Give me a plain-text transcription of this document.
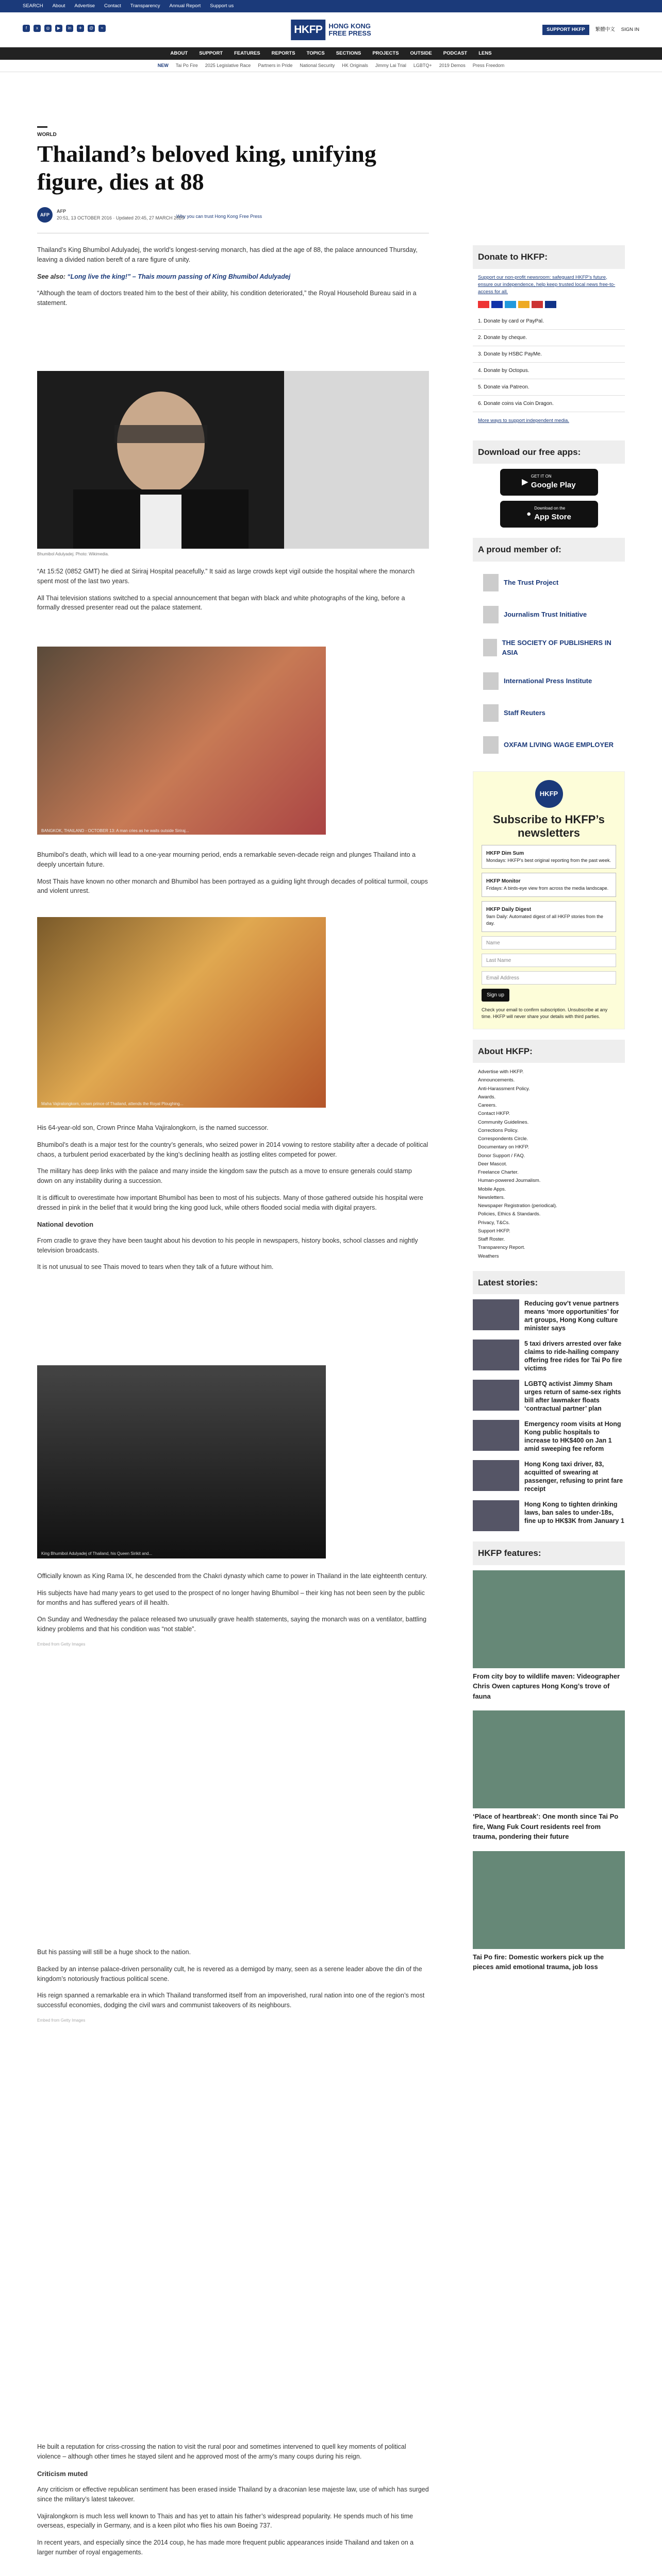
SEARCH About Advertise Contact Transparency Annual Report Support us
f	x	◎	▶	in	✈	@	≈	HKFP HONG KONG
FREE PRESS	SUPPORT HKFP	繁體中文 SIGN IN
ABOUT SUPPORT FEATURES REPORTS TOPICS SECTIONS PROJECTS OUTSIDE PODCAST LENS
NEW Tai Po Fire 2025 Legislative Race Partners in Pride National Security HK Originals Jimmy Lai Trial LGBTQ+ 2019 Demos Press Freedom
WORLD
Thailand’s beloved king, unifying figure, dies at 88
AFP
AFP
20:51, 13 OCTOBER 2016 · Updated 20:45, 27 MARCH 2020
Why you can trust Hong Kong Free Press

Thailand’s King Bhumibol Adulyadej, the world’s longest-serving monarch, has died at the age of 88, the palace announced Thursday, leaving a divided nation bereft of a rare figure of unity.

See also: “Long live the king!” – Thais mourn passing of King Bhumibol Adulyadej

“Although the team of doctors treated him to the best of their ability, his condition deteriorated,” the Royal Household Bureau said in a statement.

Bhumibol Adulyadej. Photo: Wikimedia.

“At 15:52 (0852 GMT) he died at Siriraj Hospital peacefully.” It said as large crowds kept vigil outside the hospital where the monarch spent most of the last two years.

All Thai television stations switched to a special announcement that began with black and white photographs of the king, before a formally dressed presenter read out the palace statement.

BANGKOK, THAILAND - OCTOBER 13: A man cries as he waits outside Siriraj...

Bhumibol’s death, which will lead to a one-year mourning period, ends a remarkable seven-decade reign and plunges Thailand into a deeply uncertain future.

Most Thais have known no other monarch and Bhumibol has been portrayed as a guiding light through decades of political turmoil, coups and violent unrest.

Maha Vajiralongkorn, crown prince of Thailand, attends the Royal Ploughing...

His 64-year-old son, Crown Prince Maha Vajiralongkorn, is the named successor.

Bhumibol’s death is a major test for the country’s generals, who seized power in 2014 vowing to restore stability after a decade of political chaos, a turbulent period exacerbated by the king’s declining health as jostling elites competed for power.

The military has deep links with the palace and many inside the kingdom saw the putsch as a move to ensure generals could stamp down on any instability during a succession.

It is difficult to overestimate how important Bhumibol has been to most of his subjects. Many of those gathered outside his hospital were dressed in pink in the belief that it would bring the king good luck, while others flooded social media with digital prayers.

National devotion

From cradle to grave they have been taught about his devotion to his people in newspapers, history books, school classes and nightly television broadcasts.

It is not unusual to see Thais moved to tears when they talk of a future without him.

King Bhumibol Adulyadej of Thailand, his Queen Sirikit and...

Officially known as King Rama IX, he descended from the Chakri dynasty which came to power in Thailand in the late eighteenth century.

His subjects have had many years to get used to the prospect of no longer having Bhumibol – their king has not been seen by the public for months and has suffered years of ill health.

On Sunday and Wednesday the palace released two unusually grave health statements, saying the monarch was on a ventilator, battling kidney problems and that his condition was “not stable”.

Embed from Getty Images

But his passing will still be a huge shock to the nation.

Backed by an intense palace-driven personality cult, he is revered as a demigod by many, seen as a serene leader above the din of the kingdom’s notoriously fractious political scene.

His reign spanned a remarkable era in which Thailand transformed itself from an impoverished, rural nation into one of the region’s most successful economies, dodging the civil wars and communist takeovers of its neighbours.

Embed from Getty Images

He built a reputation for criss-crossing the nation to visit the rural poor and sometimes intervened to quell key moments of political violence – although other times he stayed silent and he approved most of the army’s many coups during his reign.

Criticism muted

Any criticism or effective republican sentiment has been erased inside Thailand by a draconian lese majeste law, use of which has surged since the military’s latest takeover.

Vajiralongkorn is much less well known to Thais and has yet to attain his father’s widespread popularity. He spends much of his time overseas, especially in Germany, and is a keen pilot who flies his own Boeing 737.

In recent years, and especially since the 2014 coup, he has made more frequent public appearances inside Thailand and taken on a larger number of royal engagements.

Donate to HKFP:
Support our non-profit newsroom: safeguard HKFP’s future, ensure our independence, help keep trusted local news free-to-access for all.
1. Donate by card or PayPal.
2. Donate by cheque.
3. Donate by HSBC PayMe.
4. Donate by Octopus.
5. Donate via Patreon.
6. Donate coins via Coin Dragon.
More ways to support independent media.
Download our free apps:
▶
GET IT ON
Google Play
●
Download on the
App Store
A proud member of:
The Trust Project
Journalism Trust Initiative
THE SOCIETY OF PUBLISHERS IN ASIA
International Press Institute
Staff Reuters
OXFAM LIVING WAGE EMPLOYER
HKFP
Subscribe to HKFP’s newsletters
HKFP Dim Sum
Mondays: HKFP’s best original reporting from the past week.
HKFP Monitor
Fridays: A birds-eye view from across the media landscape.
HKFP Daily Digest
9am Daily: Automated digest of all HKFP stories from the day.
Name
Last Name
Email Address
Sign up

Check your email to confirm subscription. Unsubscribe at any time. HKFP will never share your details with third parties.

About HKFP:
Advertise with HKFP.
Announcements.
Anti-Harassment Policy.
Awards.
Careers.
Contact HKFP.
Community Guidelines.
Corrections Policy.
Correspondents Circle.
Documentary on HKFP.
Donor Support / FAQ.
Deer Mascot.
Freelance Charter.
Human-powered Journalism.
Mobile Apps.
Newsletters.
Newspaper Registration (periodical).
Policies, Ethics & Standards.
Privacy, T&Cs.
Support HKFP.
Staff Roster.
Transparency Report.
Weathers
Latest stories:
Reducing gov’t venue partners means ‘more opportunities’ for art groups, Hong Kong culture minister says
5 taxi drivers arrested over fake claims to ride-hailing company offering free rides for Tai Po fire victims
LGBTQ activist Jimmy Sham urges return of same-sex rights bill after lawmaker floats ‘contractual partner’ plan
Emergency room visits at Hong Kong public hospitals to increase to HK$400 on Jan 1 amid sweeping fee reform
Hong Kong taxi driver, 83, acquitted of swearing at passenger, refusing to print fare receipt
Hong Kong to tighten drinking laws, ban sales to under-18s, fine up to HK$3K from January 1
HKFP features:
From city boy to wildlife maven: Videographer Chris Owen captures Hong Kong’s trove of fauna
‘Place of heartbreak’: One month since Tai Po fire, Wang Fuk Court residents reel from trauma, pondering their future
Tai Po fire: Domestic workers pick up the pieces amid emotional trauma, job loss
